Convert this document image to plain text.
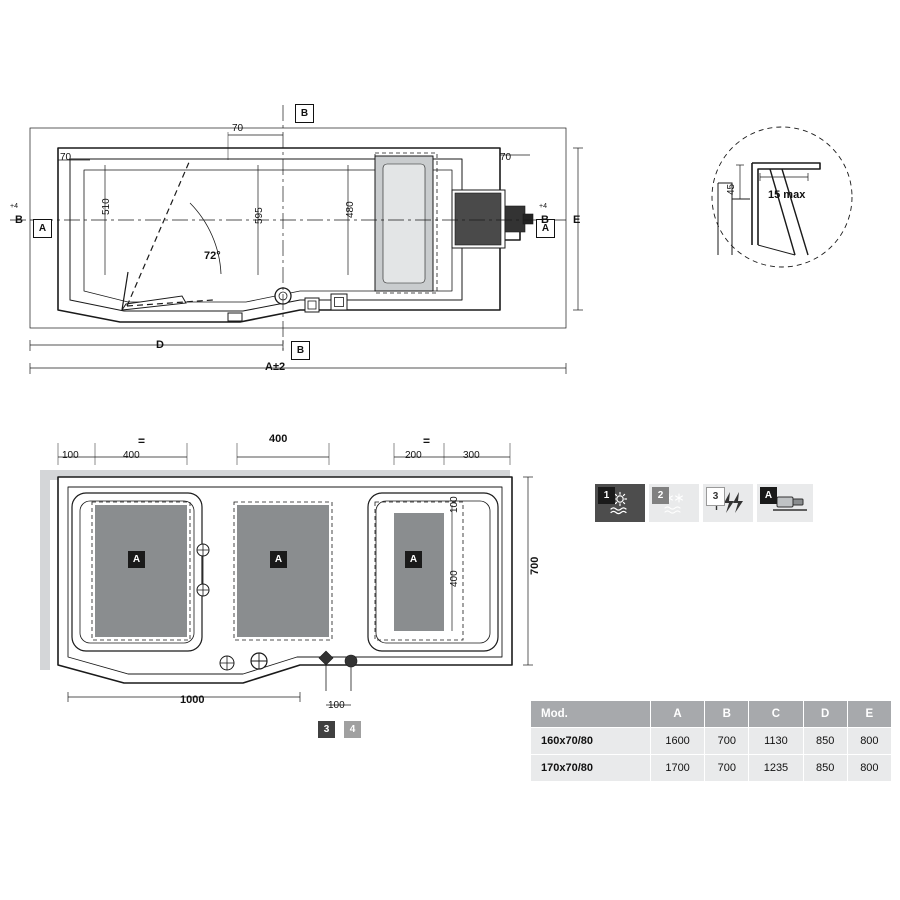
B
B
A	A
B
+4
B
+4
E
70
70	70
510
595	480
72°
D
A±2
45	15 max
=	=
100	400
400
200	300
100
400
700
1000	100
A	A	A
3	4
1	2	3	A
Mod.	A	B	C	D	E
160x70/80	1600	700	1130	850	800
170x70/80	1700	700	1235	850	800
